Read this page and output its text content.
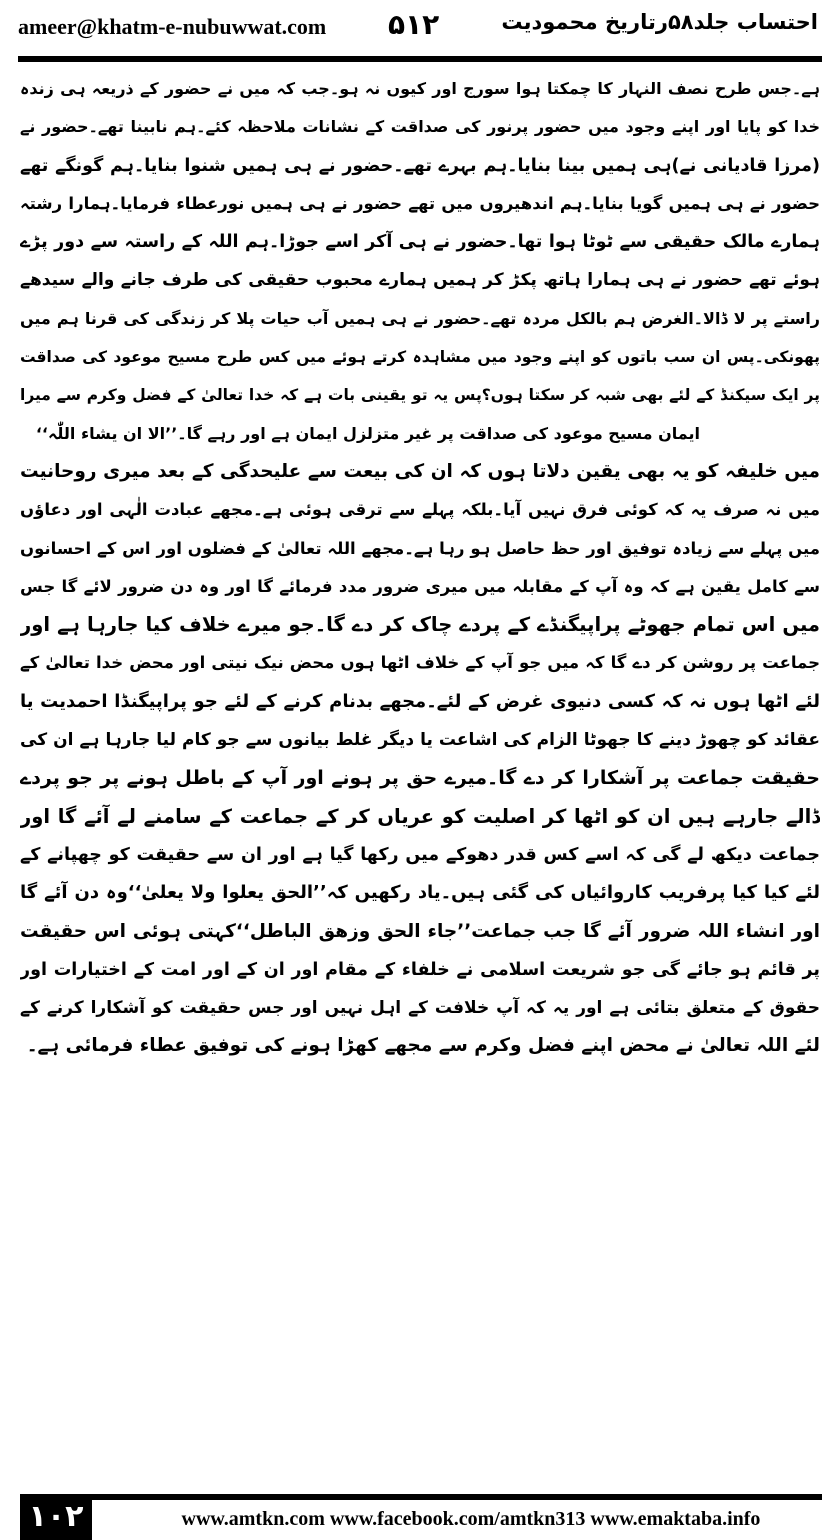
ameer@khatm-e-nubuwwat.com ۵۱۲	احتساب جلد۵۸رتاریخ محمودیت
ہے۔جس طرح نصف النہار کا چمکتا ہوا سورج اور کیوں نہ ہو۔جب کہ میں نے حضور کے ذریعہ ہی زندہ
خدا کو پایا اور اپنے وجود میں حضور پرنور کی صداقت کے نشانات ملاحظہ کئے۔ہم نابینا تھے۔حضور نے
(مرزا قادیانی نے)ہی ہمیں بینا بنایا۔ہم بہرے تھے۔حضور نے ہی ہمیں شنوا بنایا۔ہم گونگے تھے
حضور نے ہی ہمیں گویا بنایا۔ہم اندھیروں میں تھے حضور نے ہی ہمیں نورعطاء فرمایا۔ہمارا رشتہ
ہمارے مالک حقیقی سے ٹوٹا ہوا تھا۔حضور نے ہی آکر اسے جوڑا۔ہم اللہ کے راستہ سے دور پڑے
ہوئے تھے حضور نے ہی ہمارا ہاتھ پکڑ کر ہمیں ہمارے محبوب حقیقی کی طرف جانے والے سیدھے
راستے پر لا ڈالا۔الغرض ہم بالکل مردہ تھے۔حضور نے ہی ہمیں آب حیات پلا کر زندگی کی قرنا ہم میں
پھونکی۔پس ان سب باتوں کو اپنے وجود میں مشاہدہ کرتے ہوئے میں کس طرح مسیح موعود کی صداقت
پر ایک سیکنڈ کے لئے بھی شبہ کر سکتا ہوں؟پس یہ تو یقینی بات ہے کہ خدا تعالیٰ کے فضل وکرم سے میرا
ایمان مسیح موعود کی صداقت پر غیر متزلزل ایمان ہے اور رہے گا۔’’الا ان یشاء اللّٰہ‘‘
میں خلیفہ کو یہ بھی یقین دلاتا ہوں کہ ان کی بیعت سے علیحدگی کے بعد میری روحانیت
میں نہ صرف یہ کہ کوئی فرق نہیں آیا۔بلکہ پہلے سے ترقی ہوئی ہے۔مجھے عبادت الٰہی اور دعاؤں
میں پہلے سے زیادہ توفیق اور حظ حاصل ہو رہا ہے۔مجھے اللہ تعالیٰ کے فضلوں اور اس کے احسانوں
سے کامل یقین ہے کہ وہ آپ کے مقابلہ میں میری ضرور مدد فرمائے گا اور وہ دن ضرور لائے گا جس
میں اس تمام جھوٹے پراپیگنڈے کے پردے چاک کر دے گا۔جو میرے خلاف کیا جارہا ہے اور
جماعت پر روشن کر دے گا کہ میں جو آپ کے خلاف اٹھا ہوں محض نیک نیتی اور محض خدا تعالیٰ کے
لئے اٹھا ہوں نہ کہ کسی دنیوی غرض کے لئے۔مجھے بدنام کرنے کے لئے جو پراپیگنڈا احمدیت یا
عقائد کو چھوڑ دینے کا جھوٹا الزام کی اشاعت یا دیگر غلط بیانوں سے جو کام لیا جارہا ہے ان کی
حقیقت جماعت پر آشکارا کر دے گا۔میرے حق پر ہونے اور آپ کے باطل ہونے پر جو پردے
ڈالے جارہے ہیں ان کو اٹھا کر اصلیت کو عریاں کر کے جماعت کے سامنے لے آئے گا اور
جماعت دیکھ لے گی کہ اسے کس قدر دھوکے میں رکھا گیا ہے اور ان سے حقیقت کو چھپانے کے
لئے کیا کیا پرفریب کاروائیاں کی گئی ہیں۔یاد رکھیں کہ’’الحق یعلوا ولا یعلیٰ‘‘وہ دن آئے گا
اور انشاء اللہ ضرور آئے گا جب جماعت’’جاء الحق وزھق الباطل‘‘کہتی ہوئی اس حقیقت
پر قائم ہو جائے گی جو شریعت اسلامی نے خلفاء کے مقام اور ان کے اور امت کے اختیارات اور
حقوق کے متعلق بتائی ہے اور یہ کہ آپ خلافت کے اہل نہیں اور جس حقیقت کو آشکارا کرنے کے
لئے اللہ تعالیٰ نے محض اپنے فضل وکرم سے مجھے کھڑا ہونے کی توفیق عطاء فرمائی ہے۔
۱۰۲	www.amtkn.com www.facebook.com/amtkn313 www.emaktaba.info
